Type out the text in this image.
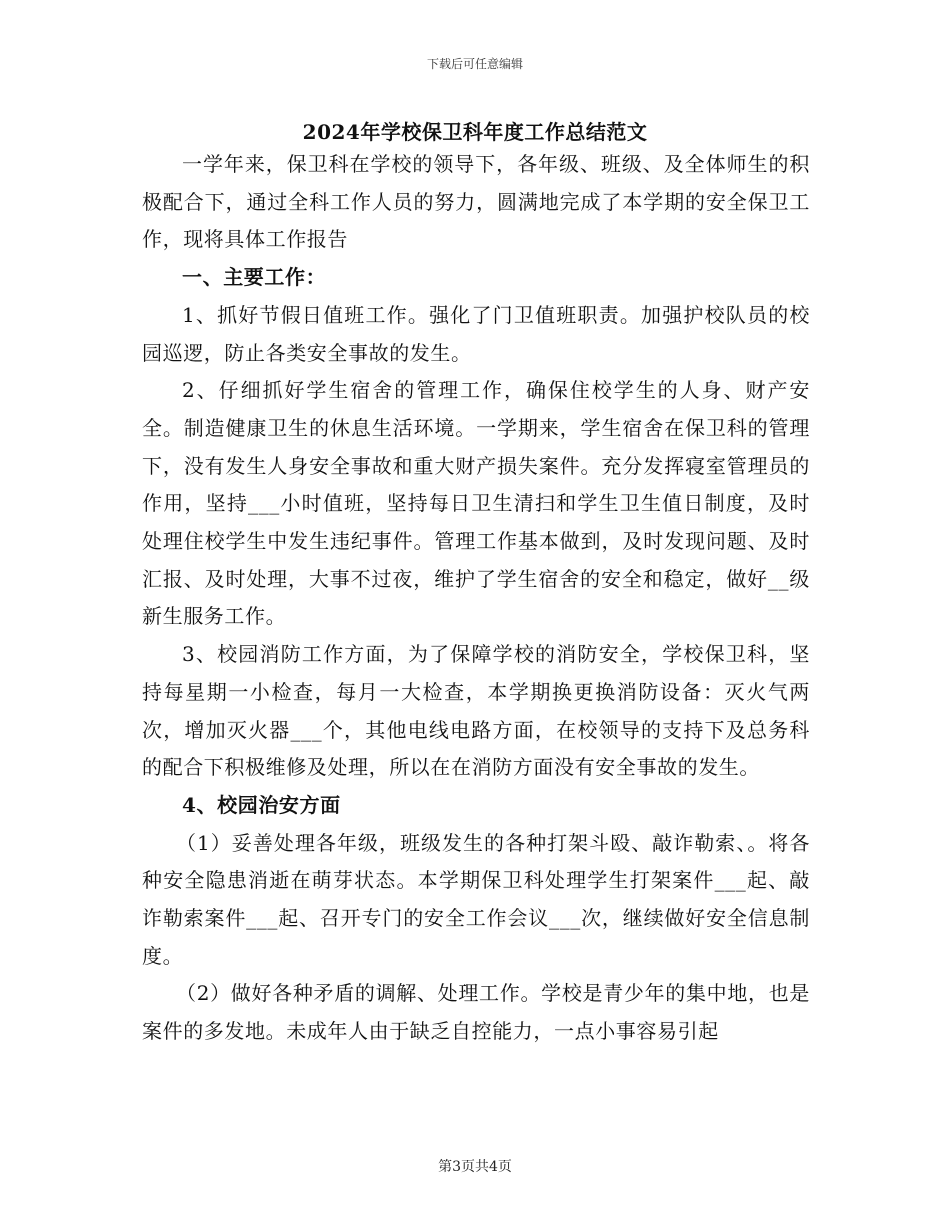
下载后可任意编辑
2024年学校保卫科年度工作总结范文

一学年来，保卫科在学校的领导下，各年级、班级、及全体师生的积极配合下，通过全科工作人员的努力，圆满地完成了本学期的安全保卫工作，现将具体工作报告

一、主要工作：

1、抓好节假日值班工作。强化了门卫值班职责。加强护校队员的校园巡逻，防止各类安全事故的发生。

2、仔细抓好学生宿舍的管理工作，确保住校学生的人身、财产安全。制造健康卫生的休息生活环境。一学期来，学生宿舍在保卫科的管理下，没有发生人身安全事故和重大财产损失案件。充分发挥寝室管理员的作用，坚持___小时值班，坚持每日卫生清扫和学生卫生值日制度，及时处理住校学生中发生违纪事件。管理工作基本做到，及时发现问题、及时汇报、及时处理，大事不过夜，维护了学生宿舍的安全和稳定，做好__级新生服务工作。

3、校园消防工作方面，为了保障学校的消防安全，学校保卫科，坚持每星期一小检查，每月一大检查，本学期换更换消防设备：灭火气两次，增加灭火器___个，其他电线电路方面，在校领导的支持下及总务科的配合下积极维修及处理，所以在在消防方面没有安全事故的发生。

4、校园治安方面

（1）妥善处理各年级，班级发生的各种打架斗殴、敲诈勒索、。将各种安全隐患消逝在萌芽状态。本学期保卫科处理学生打架案件___起、敲诈勒索案件___起、召开专门的安全工作会议___次，继续做好安全信息制度。

（2）做好各种矛盾的调解、处理工作。学校是青少年的集中地，也是案件的多发地。未成年人由于缺乏自控能力，一点小事容易引起

第3页共4页
